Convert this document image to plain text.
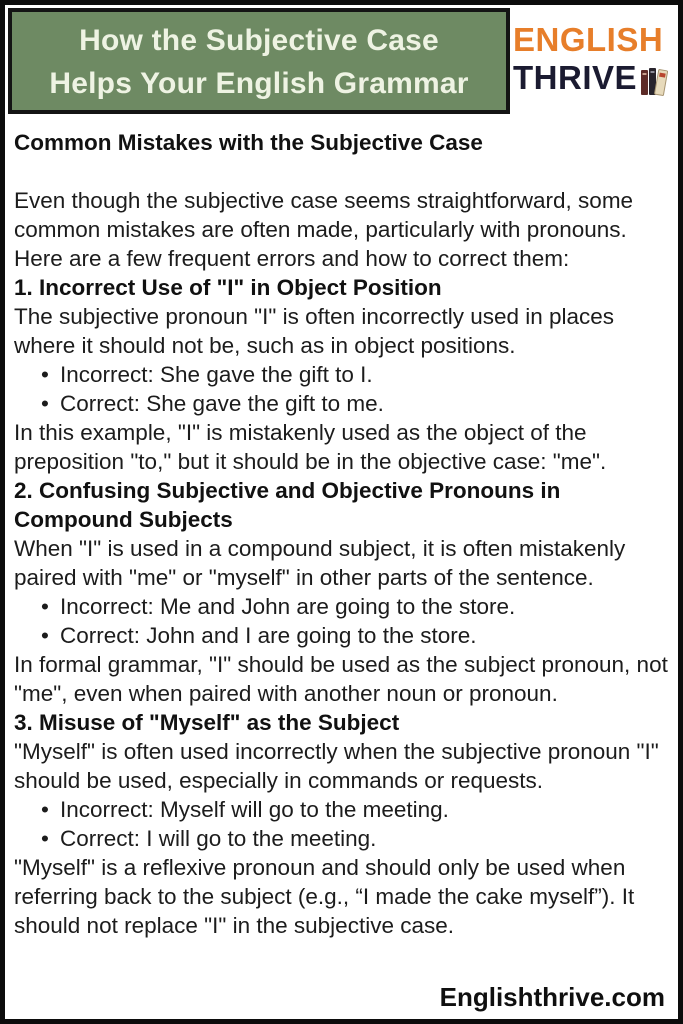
How the Subjective Case
Helps Your English Grammar
ENGLISH
THRIVE
Common Mistakes with the Subjective Case

Even though the subjective case seems straightforward, some common mistakes are often made, particularly with pronouns. Here are a few frequent errors and how to correct them:

1. Incorrect Use of "I" in Object Position

The subjective pronoun "I" is often incorrectly used in places where it should not be, such as in object positions.

• Incorrect: She gave the gift to I.
• Correct: She gave the gift to me.

In this example, "I" is mistakenly used as the object of the preposition "to," but it should be in the objective case: "me".

2. Confusing Subjective and Objective Pronouns in Compound Subjects

When "I" is used in a compound subject, it is often mistakenly paired with "me" or "myself" in other parts of the sentence.

• Incorrect: Me and John are going to the store.
• Correct: John and I are going to the store.

In formal grammar, "I" should be used as the subject pronoun, not "me", even when paired with another noun or pronoun.

3. Misuse of "Myself" as the Subject

"Myself" is often used incorrectly when the subjective pronoun "I" should be used, especially in commands or requests.

• Incorrect: Myself will go to the meeting.
• Correct: I will go to the meeting.

"Myself" is a reflexive pronoun and should only be used when referring back to the subject (e.g., “I made the cake myself”). It should not replace "I" in the subjective case.

Englishthrive.com
